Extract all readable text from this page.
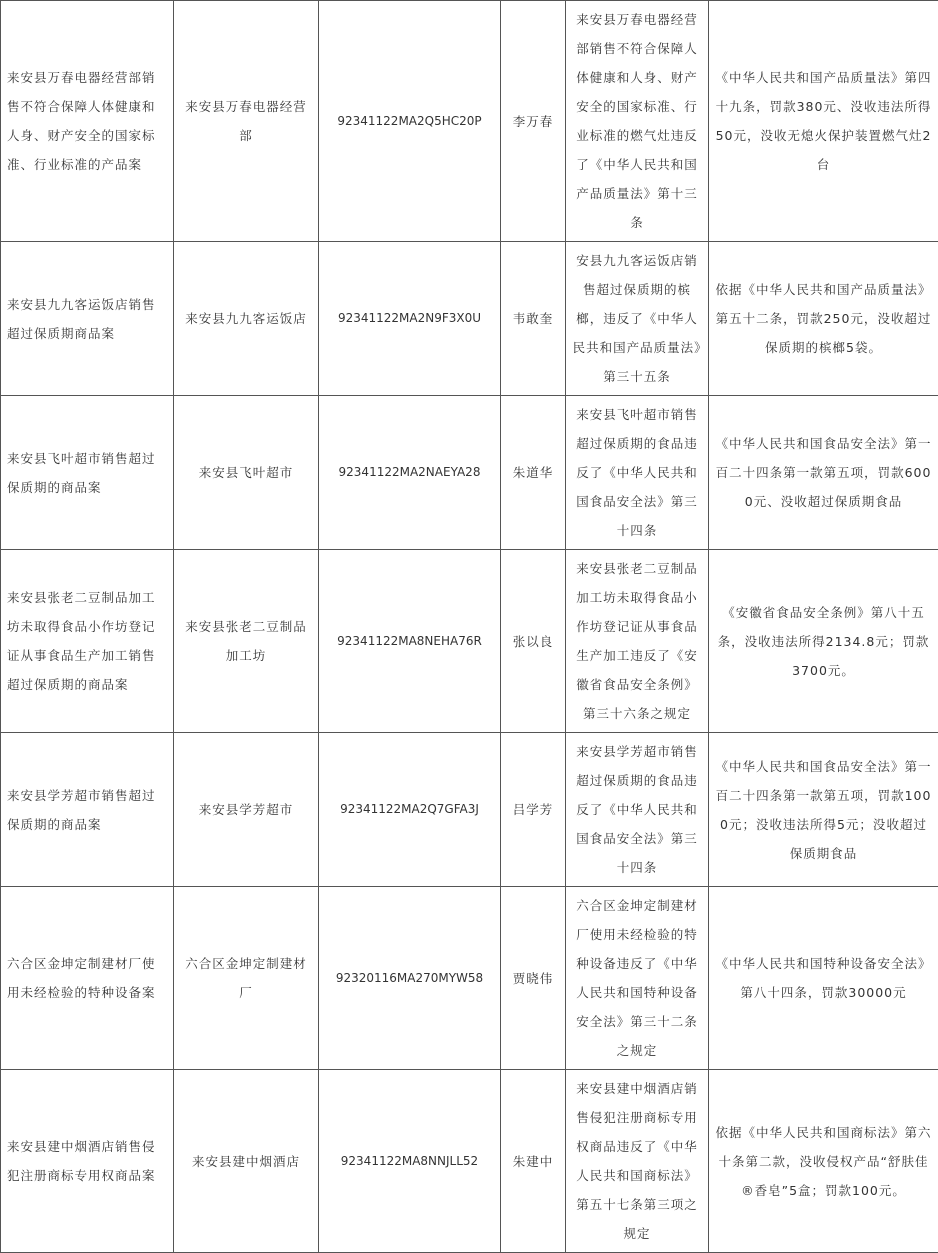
来安县万春电器经营部销售不符合保障人体健康和人身、财产安全的国家标准、行业标准的产品案	来安县万春电器经营部	92341122MA2Q5HC20P	李万春	来安县万春电器经营部销售不符合保障人体健康和人身、财产安全的国家标准、行业标准的燃气灶违反了《中华人民共和国产品质量法》第十三条	《中华人民共和国产品质量法》第四十九条，罚款380元、没收违法所得50元，没收无熄火保护装置燃气灶2台
来安县九九客运饭店销售超过保质期商品案	来安县九九客运饭店	92341122MA2N9F3X0U	韦敢奎	安县九九客运饭店销售超过保质期的槟榔，违反了《中华人民共和国产品质量法》第三十五条	依据《中华人民共和国产品质量法》第五十二条，罚款250元，没收超过保质期的槟榔5袋。
来安县飞叶超市销售超过保质期的商品案	来安县飞叶超市	92341122MA2NAEYA28	朱道华	来安县飞叶超市销售超过保质期的食品违反了《中华人民共和国食品安全法》第三十四条	《中华人民共和国食品安全法》第一百二十四条第一款第五项，罚款6000元、没收超过保质期食品
来安县张老二豆制品加工坊未取得食品小作坊登记证从事食品生产加工销售超过保质期的商品案	来安县张老二豆制品加工坊	92341122MA8NEHA76R	张以良	来安县张老二豆制品加工坊未取得食品小作坊登记证从事食品生产加工违反了《安徽省食品安全条例》第三十六条之规定	《安徽省食品安全条例》第八十五条，没收违法所得2134.8元；罚款3700元。
来安县学芳超市销售超过保质期的商品案	来安县学芳超市	92341122MA2Q7GFA3J	吕学芳	来安县学芳超市销售超过保质期的食品违反了《中华人民共和国食品安全法》第三十四条	《中华人民共和国食品安全法》第一百二十四条第一款第五项，罚款1000元；没收违法所得5元；没收超过保质期食品
六合区金坤定制建材厂使用未经检验的特种设备案	六合区金坤定制建材厂	92320116MA270MYW58	贾晓伟	六合区金坤定制建材厂使用未经检验的特种设备违反了《中华人民共和国特种设备安全法》第三十二条之规定	《中华人民共和国特种设备安全法》第八十四条，罚款30000元
来安县建中烟酒店销售侵犯注册商标专用权商品案	来安县建中烟酒店	92341122MA8NNJLL52	朱建中	来安县建中烟酒店销售侵犯注册商标专用权商品违反了《中华人民共和国商标法》第五十七条第三项之规定	依据《中华人民共和国商标法》第六十条第二款，没收侵权产品“舒肤佳®香皂”5盒；罚款100元。
